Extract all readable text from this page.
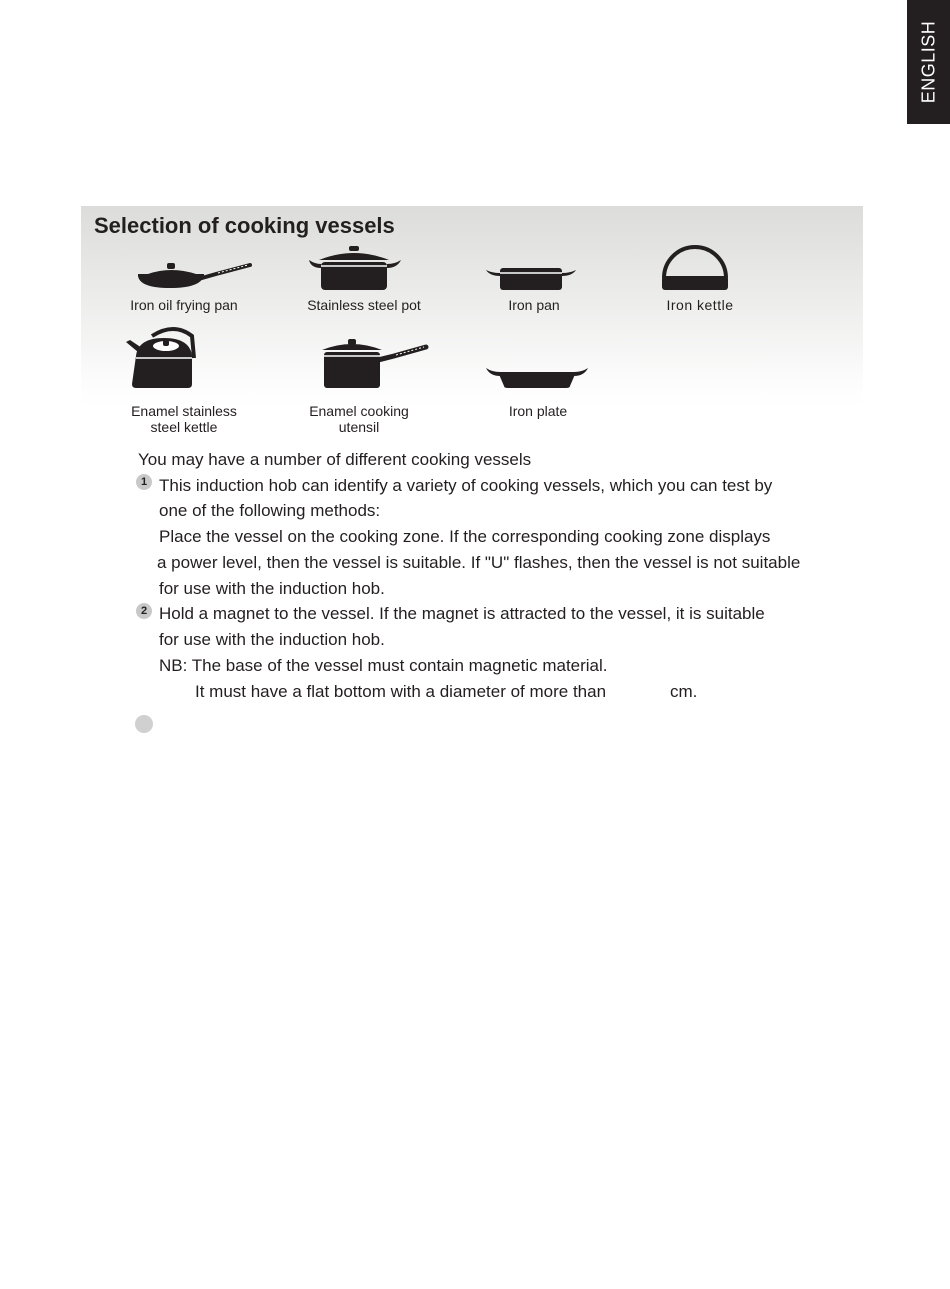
ENGLISH
Selection of cooking vessels
Iron oil frying pan	Stainless steel pot	Iron pan	Iron kettle
Enamel stainless
steel kettle
Enamel cooking
utensil
Iron plate
You may have a number of different cooking vessels
1 This induction hob can identify a variety of cooking vessels, which you can test by
one of the following methods:
Place the vessel on the cooking zone. If the corresponding cooking zone displays
a power level, then the vessel is suitable. If "U" flashes, then the vessel is not suitable
for use with the induction hob.
2 Hold a magnet to the vessel. If the magnet is attracted to the vessel, it is suitable
for use with the induction hob.
NB: The base of the vessel must contain magnetic material.
It must have a flat bottom with a diameter of more than	cm.
